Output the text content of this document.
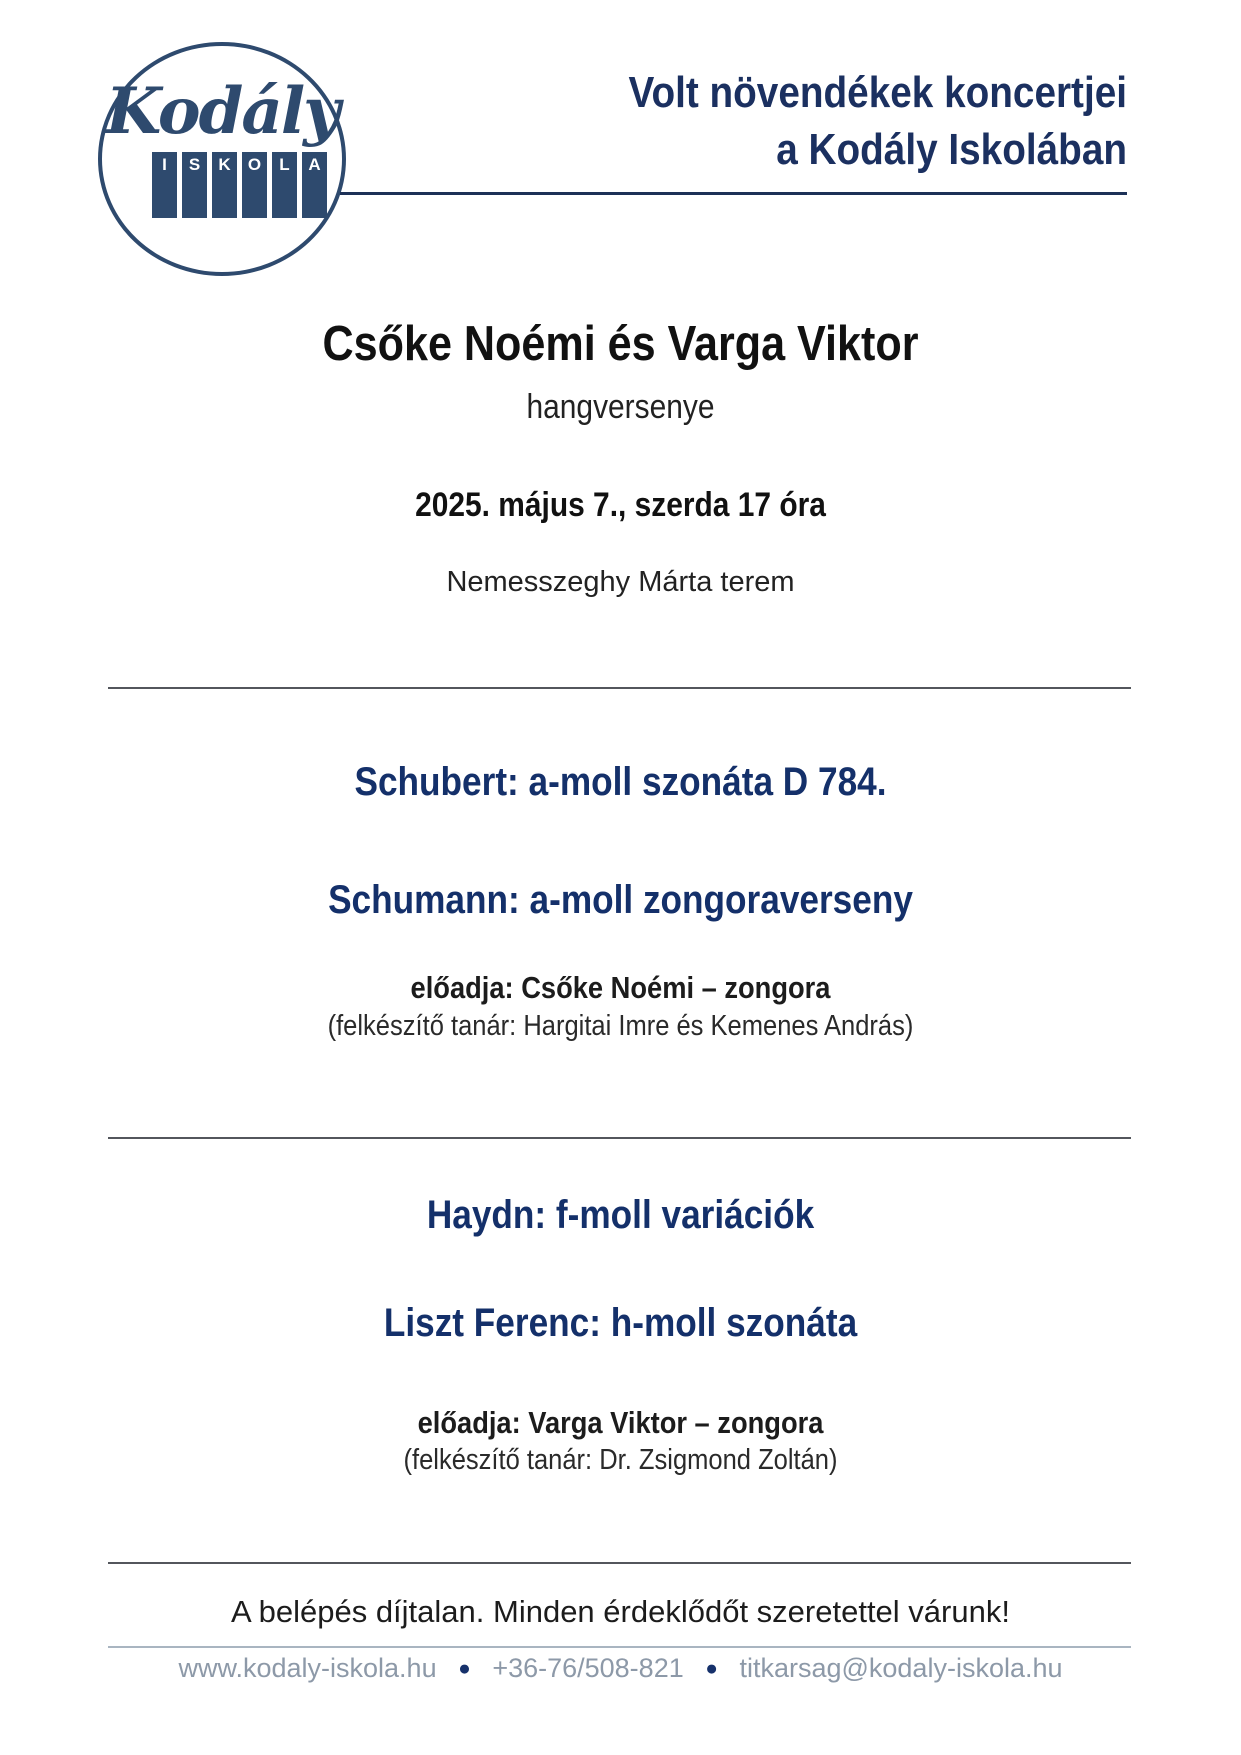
Kodály
I	S	K	O	L	A
Volt növendékek koncertjei
a Kodály Iskolában
Csőke Noémi és Varga Viktor
hangversenye
2025. május 7., szerda 17 óra
Nemesszeghy Márta terem
Schubert: a-moll szonáta D 784.
Schumann: a-moll zongoraverseny
előadja: Csőke Noémi – zongora
(felkészítő tanár: Hargitai Imre és Kemenes András)
Haydn: f-moll variációk
Liszt Ferenc: h-moll szonáta
előadja: Varga Viktor – zongora
(felkészítő tanár: Dr. Zsigmond Zoltán)
A belépés díjtalan. Minden érdeklődőt szeretettel várunk!
www.kodaly-iskola.hu ● +36-76/508-821 ● titkarsag@kodaly-iskola.hu
